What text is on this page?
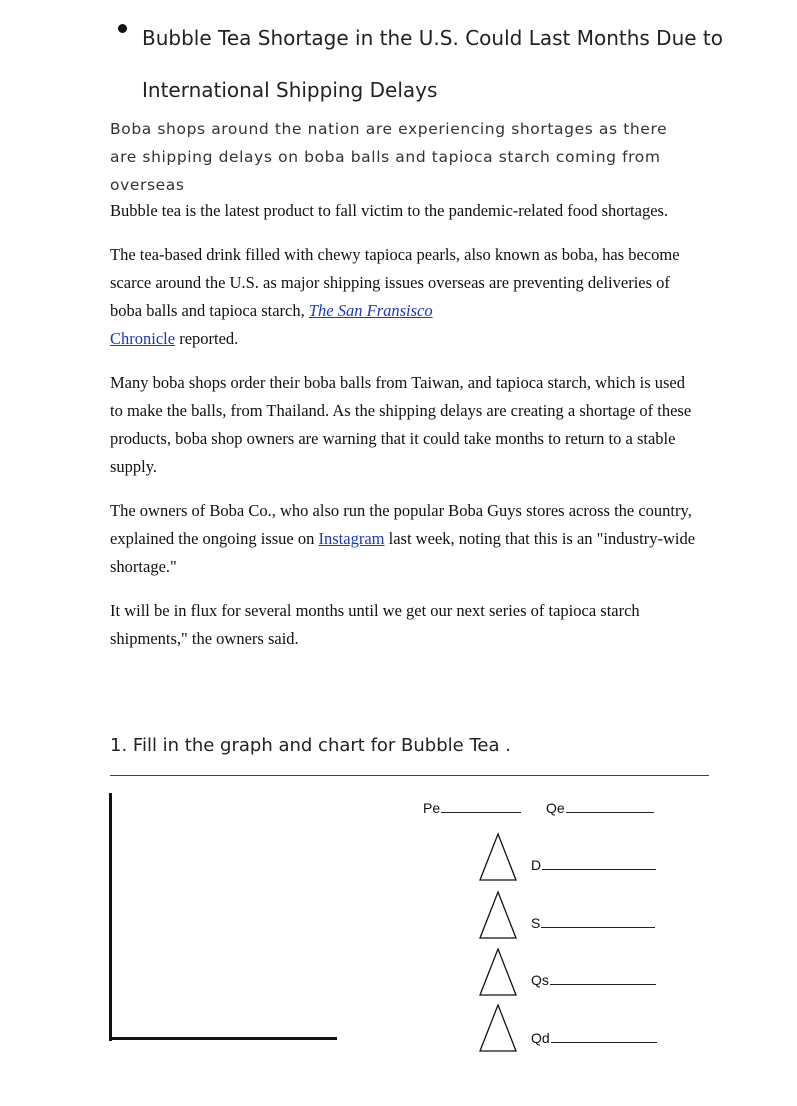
Bubble Tea Shortage in the U.S. Could Last Months Due to International Shipping Delays

Boba shops around the nation are experiencing shortages as there are shipping delays on boba balls and tapioca starch coming from overseas

Bubble tea is the latest product to fall victim to the pandemic-related food shortages.

The tea-based drink filled with chewy tapioca pearls, also known as boba, has become scarce around the U.S. as major shipping issues overseas are preventing deliveries of boba balls and tapioca starch, The San Fransisco
Chronicle reported.

Many boba shops order their boba balls from Taiwan, and tapioca starch, which is used to make the balls, from Thailand. As the shipping delays are creating a shortage of these products, boba shop owners are warning that it could take months to return to a stable supply.

The owners of Boba Co., who also run the popular Boba Guys stores across the country, explained the ongoing issue on Instagram last week, noting that this is an "industry-wide shortage."

It will be in flux for several months until we get our next series of tapioca starch shipments," the owners said.

1. Fill in the graph and chart for Bubble Tea .

Pe	Qe
D
S
Qs
Qd
